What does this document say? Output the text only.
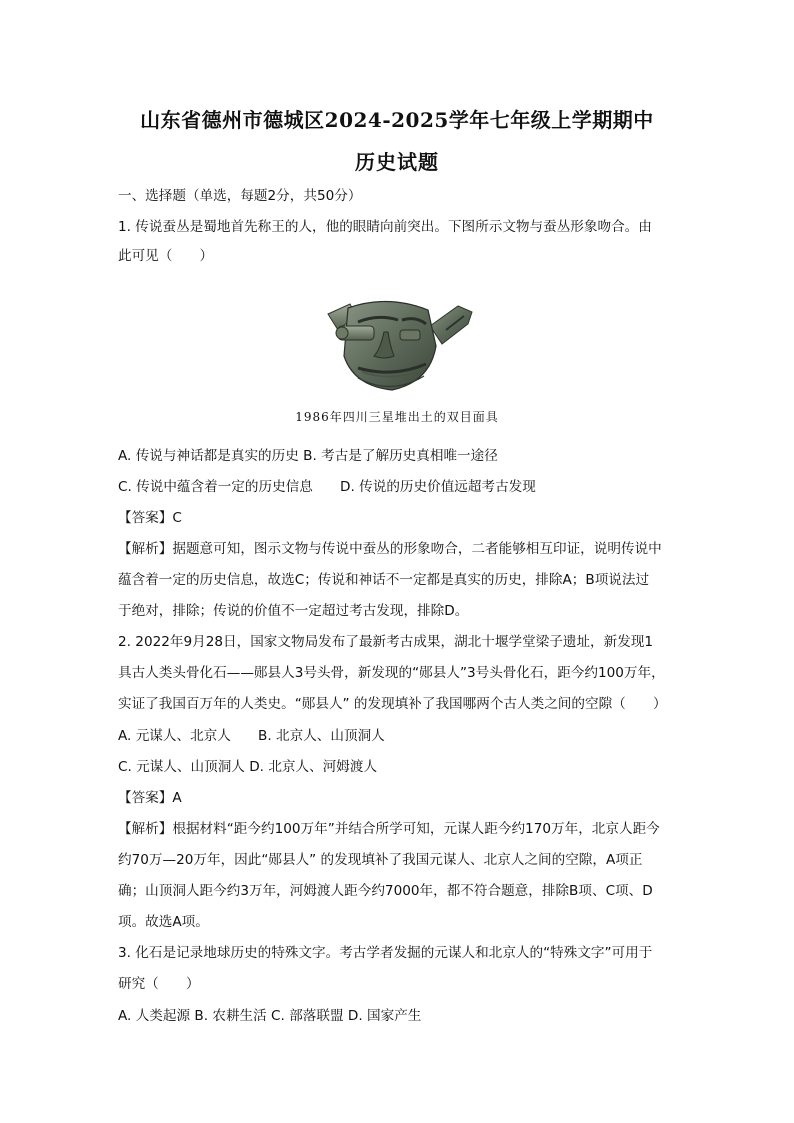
山东省德州市德城区2024-2025学年七年级上学期期中
历史试题
一、选择题（单选，每题2分，共50分）
1. 传说蚕丛是蜀地首先称王的人，他的眼睛向前突出。下图所示文物与蚕丛形象吻合。由
此可见（　　）
1986年四川三星堆出土的双目面具
A. 传说与神话都是真实的历史 B. 考古是了解历史真相唯一途径
C. 传说中蕴含着一定的历史信息　　D. 传说的历史价值远超考古发现
【答案】C
【解析】据题意可知，图示文物与传说中蚕丛的形象吻合，二者能够相互印证，说明传说中
蕴含着一定的历史信息，故选C；传说和神话不一定都是真实的历史，排除A；B项说法过
于绝对，排除；传说的价值不一定超过考古发现，排除D。
2. 2022年9月28日，国家文物局发布了最新考古成果，湖北十堰学堂梁子遗址，新发现1
具古人类头骨化石——郧县人3号头骨，新发现的“郧县人”3号头骨化石，距今约100万年，
实证了我国百万年的人类史。“郧县人” 的发现填补了我国哪两个古人类之间的空隙（　　）
A. 元谋人、北京人　　B. 北京人、山顶洞人
C. 元谋人、山顶洞人 D. 北京人、河姆渡人
【答案】A
【解析】根据材料“距今约100万年”并结合所学可知，元谋人距今约170万年，北京人距今
约70万—20万年，因此“郧县人” 的发现填补了我国元谋人、北京人之间的空隙，A项正
确；山顶洞人距今约3万年，河姆渡人距今约7000年，都不符合题意，排除B项、C项、D
项。故选A项。
3. 化石是记录地球历史的特殊文字。考古学者发掘的元谋人和北京人的“特殊文字”可用于
研究（　　）
A. 人类起源 B. 农耕生活 C. 部落联盟 D. 国家产生
